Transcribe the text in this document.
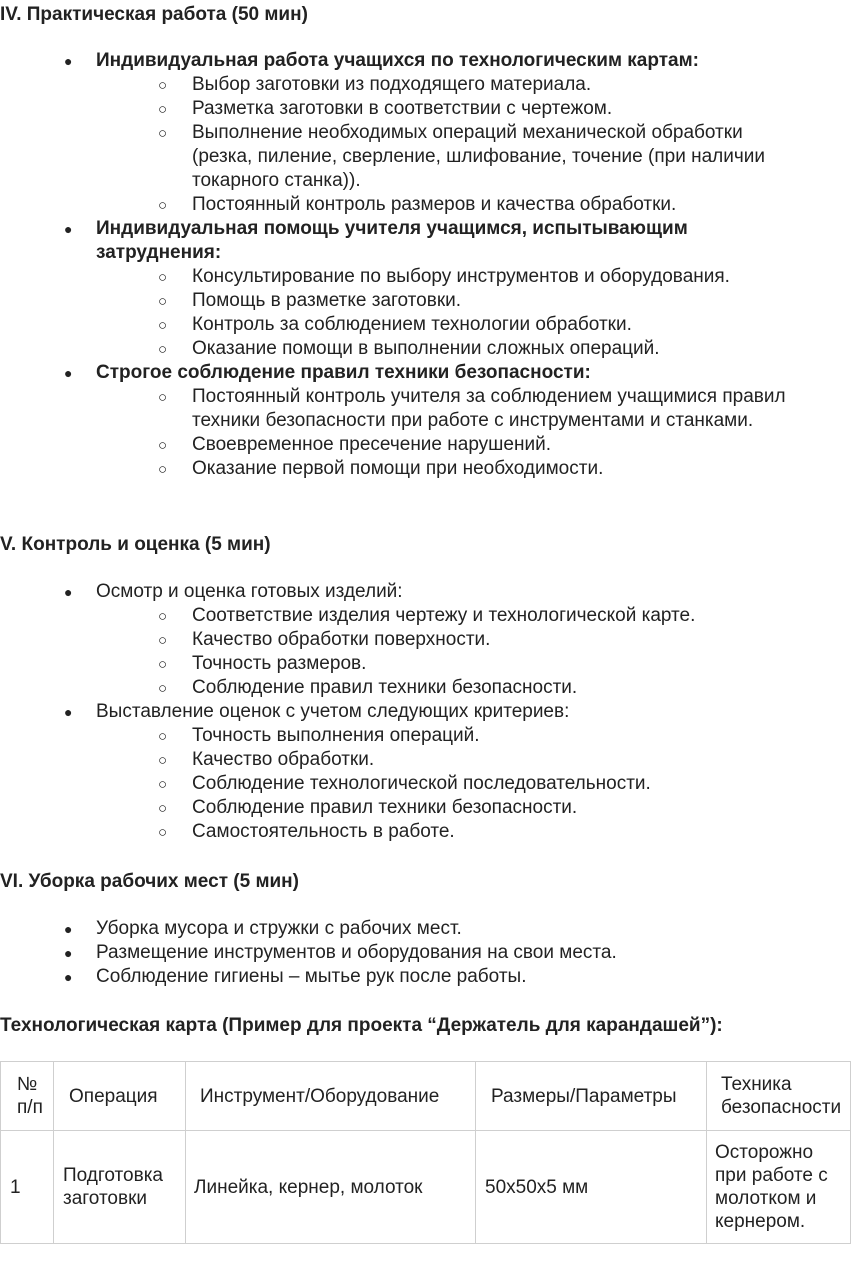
IV. Практическая работа (50 мин)
● Индивидуальная работа учащихся по технологическим картам:
○ Выбор заготовки из подходящего материала.
○ Разметка заготовки в соответствии с чертежом.
○ Выполнение необходимых операций механической обработки (резка, пиление, сверление, шлифование, точение (при наличии токарного станка)).
○ Постоянный контроль размеров и качества обработки.
● Индивидуальная помощь учителя учащимся, испытывающим затруднения:
○ Консультирование по выбору инструментов и оборудования.
○ Помощь в разметке заготовки.
○ Контроль за соблюдением технологии обработки.
○ Оказание помощи в выполнении сложных операций.
● Строгое соблюдение правил техники безопасности:
○ Постоянный контроль учителя за соблюдением учащимися правил техники безопасности при работе с инструментами и станками.
○ Своевременное пресечение нарушений.
○ Оказание первой помощи при необходимости.
V. Контроль и оценка (5 мин)
● Осмотр и оценка готовых изделий:
○ Соответствие изделия чертежу и технологической карте.
○ Качество обработки поверхности.
○ Точность размеров.
○ Соблюдение правил техники безопасности.
● Выставление оценок с учетом следующих критериев:
○ Точность выполнения операций.
○ Качество обработки.
○ Соблюдение технологической последовательности.
○ Соблюдение правил техники безопасности.
○ Самостоятельность в работе.
VI. Уборка рабочих мест (5 мин)
● Уборка мусора и стружки с рабочих мест.
● Размещение инструментов и оборудования на свои места.
● Соблюдение гигиены – мытье рук после работы.
Технологическая карта (Пример для проекта “Держатель для карандашей”):
№ п/п	Операция	Инструмент/Оборудование	Размеры/Параметры	Техника безопасности
1	Подготовка заготовки	Линейка, кернер, молоток	50x50x5 мм	Осторожно при работе с молотком и кернером.
